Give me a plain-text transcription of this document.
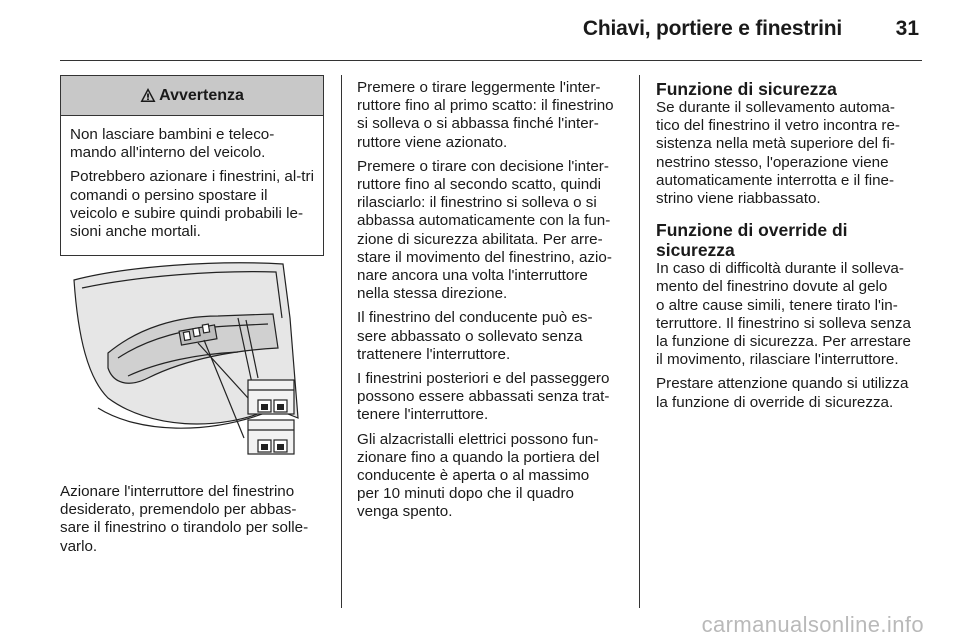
Chiavi, portiere e finestrini	31
Avvertenza

Non lasciare bambini e teleco-mando all'interno del veicolo.

Potrebbero azionare i finestrini, al-tri comandi o persino spostare il veicolo e subire quindi probabili le-sioni anche mortali.

Azionare l'interruttore del finestrino
desiderato, premendolo per abbas-
sare il finestrino o tirandolo per solle-
varlo.

Premere o tirare leggermente l'inter-
ruttore fino al primo scatto: il finestrino
si solleva o si abbassa finché l'inter-
ruttore viene azionato.

Premere o tirare con decisione l'inter-
ruttore fino al secondo scatto, quindi
rilasciarlo: il finestrino si solleva o si
abbassa automaticamente con la fun-
zione di sicurezza abilitata. Per arre-
stare il movimento del finestrino, azio-
nare ancora una volta l'interruttore
nella stessa direzione.

Il finestrino del conducente può es-
sere abbassato o sollevato senza
trattenere l'interruttore.

I finestrini posteriori e del passeggero
possono essere abbassati senza trat-
tenere l'interruttore.

Gli alzacristalli elettrici possono fun-
zionare fino a quando la portiera del
conducente è aperta o al massimo
per 10 minuti dopo che il quadro
venga spento.

Funzione di sicurezza

Se durante il sollevamento automa-
tico del finestrino il vetro incontra re-
sistenza nella metà superiore del fi-
nestrino stesso, l'operazione viene
automaticamente interrotta e il fine-
strino viene riabbassato.

Funzione di override di
sicurezza

In caso di difficoltà durante il solleva-
mento del finestrino dovute al gelo
o altre cause simili, tenere tirato l'in-
terruttore. Il finestrino si solleva senza
la funzione di sicurezza. Per arrestare
il movimento, rilasciare l'interruttore.

Prestare attenzione quando si utilizza
la funzione di override di sicurezza.

carmanualsonline.info
